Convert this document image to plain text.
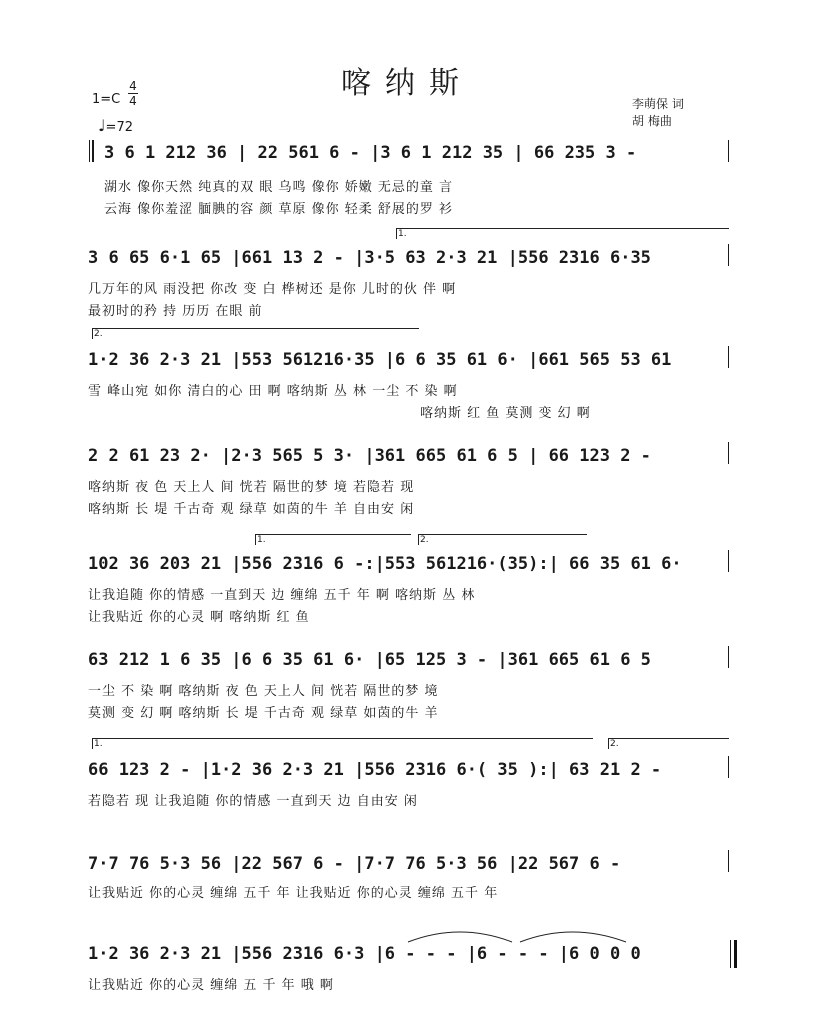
喀纳斯
1=C
4
4
♩=72
李萌保 词
胡 梅曲
3 6 1 212 36 | 22 561 6 - |3 6 1 212 35 | 66 235 3 -
湖水 像你天然 纯真的双 眼 乌鸣 像你 娇嫩 无忌的童 言
云海 像你羞涩 腼腆的容 颜 草原 像你 轻柔 舒展的罗 衫
1.
3 6 65 6·1 65 |661 13 2 - |3·5 63 2·3 21 |556 2316 6·35
几万年的风 雨没把 你改 变 白 桦树还 是你 儿时的伙 伴 啊
最初时的矜 持 历历 在眼 前
2.
1·2 36 2·3 21 |553 561216·35 |6 6 35 61 6· |661 565 53 61
雪 峰山宛 如你 清白的心 田 啊 喀纳斯 丛 林 一尘 不 染 啊
喀纳斯 红 鱼 莫测 变 幻 啊
2 2 61 23 2· |2·3 565 5 3· |361 665 61 6 5 | 66 123 2 -
喀纳斯 夜 色 天上人 间 恍若 隔世的梦 境 若隐若 现
喀纳斯 长 堤 千古奇 观 绿草 如茵的牛 羊 自由安 闲
1.	2.
102 36 203 21 |556 2316 6 -:|553 561216·(35):| 66 35 61 6·
让我追随 你的情感 一直到天 边 缠绵 五千 年 啊 喀纳斯 丛 林
让我贴近 你的心灵 啊 喀纳斯 红 鱼
63 212 1 6 35 |6 6 35 61 6· |65 125 3 - |361 665 61 6 5
一尘 不 染 啊 喀纳斯 夜 色 天上人 间 恍若 隔世的梦 境
莫测 变 幻 啊 喀纳斯 长 堤 千古奇 观 绿草 如茵的牛 羊
1.	2.
66 123 2 - |1·2 36 2·3 21 |556 2316 6·( 35 ):| 63 21 2 -
若隐若 现 让我追随 你的情感 一直到天 边 自由安 闲
7·7 76 5·3 56 |22 567 6 - |7·7 76 5·3 56 |22 567 6 -
让我贴近 你的心灵 缠绵 五千 年 让我贴近 你的心灵 缠绵 五千 年
1·2 36 2·3 21 |556 2316 6·3 |6 - - - |6 - - - |6 0 0 0
让我贴近 你的心灵 缠绵 五 千 年 哦 啊
